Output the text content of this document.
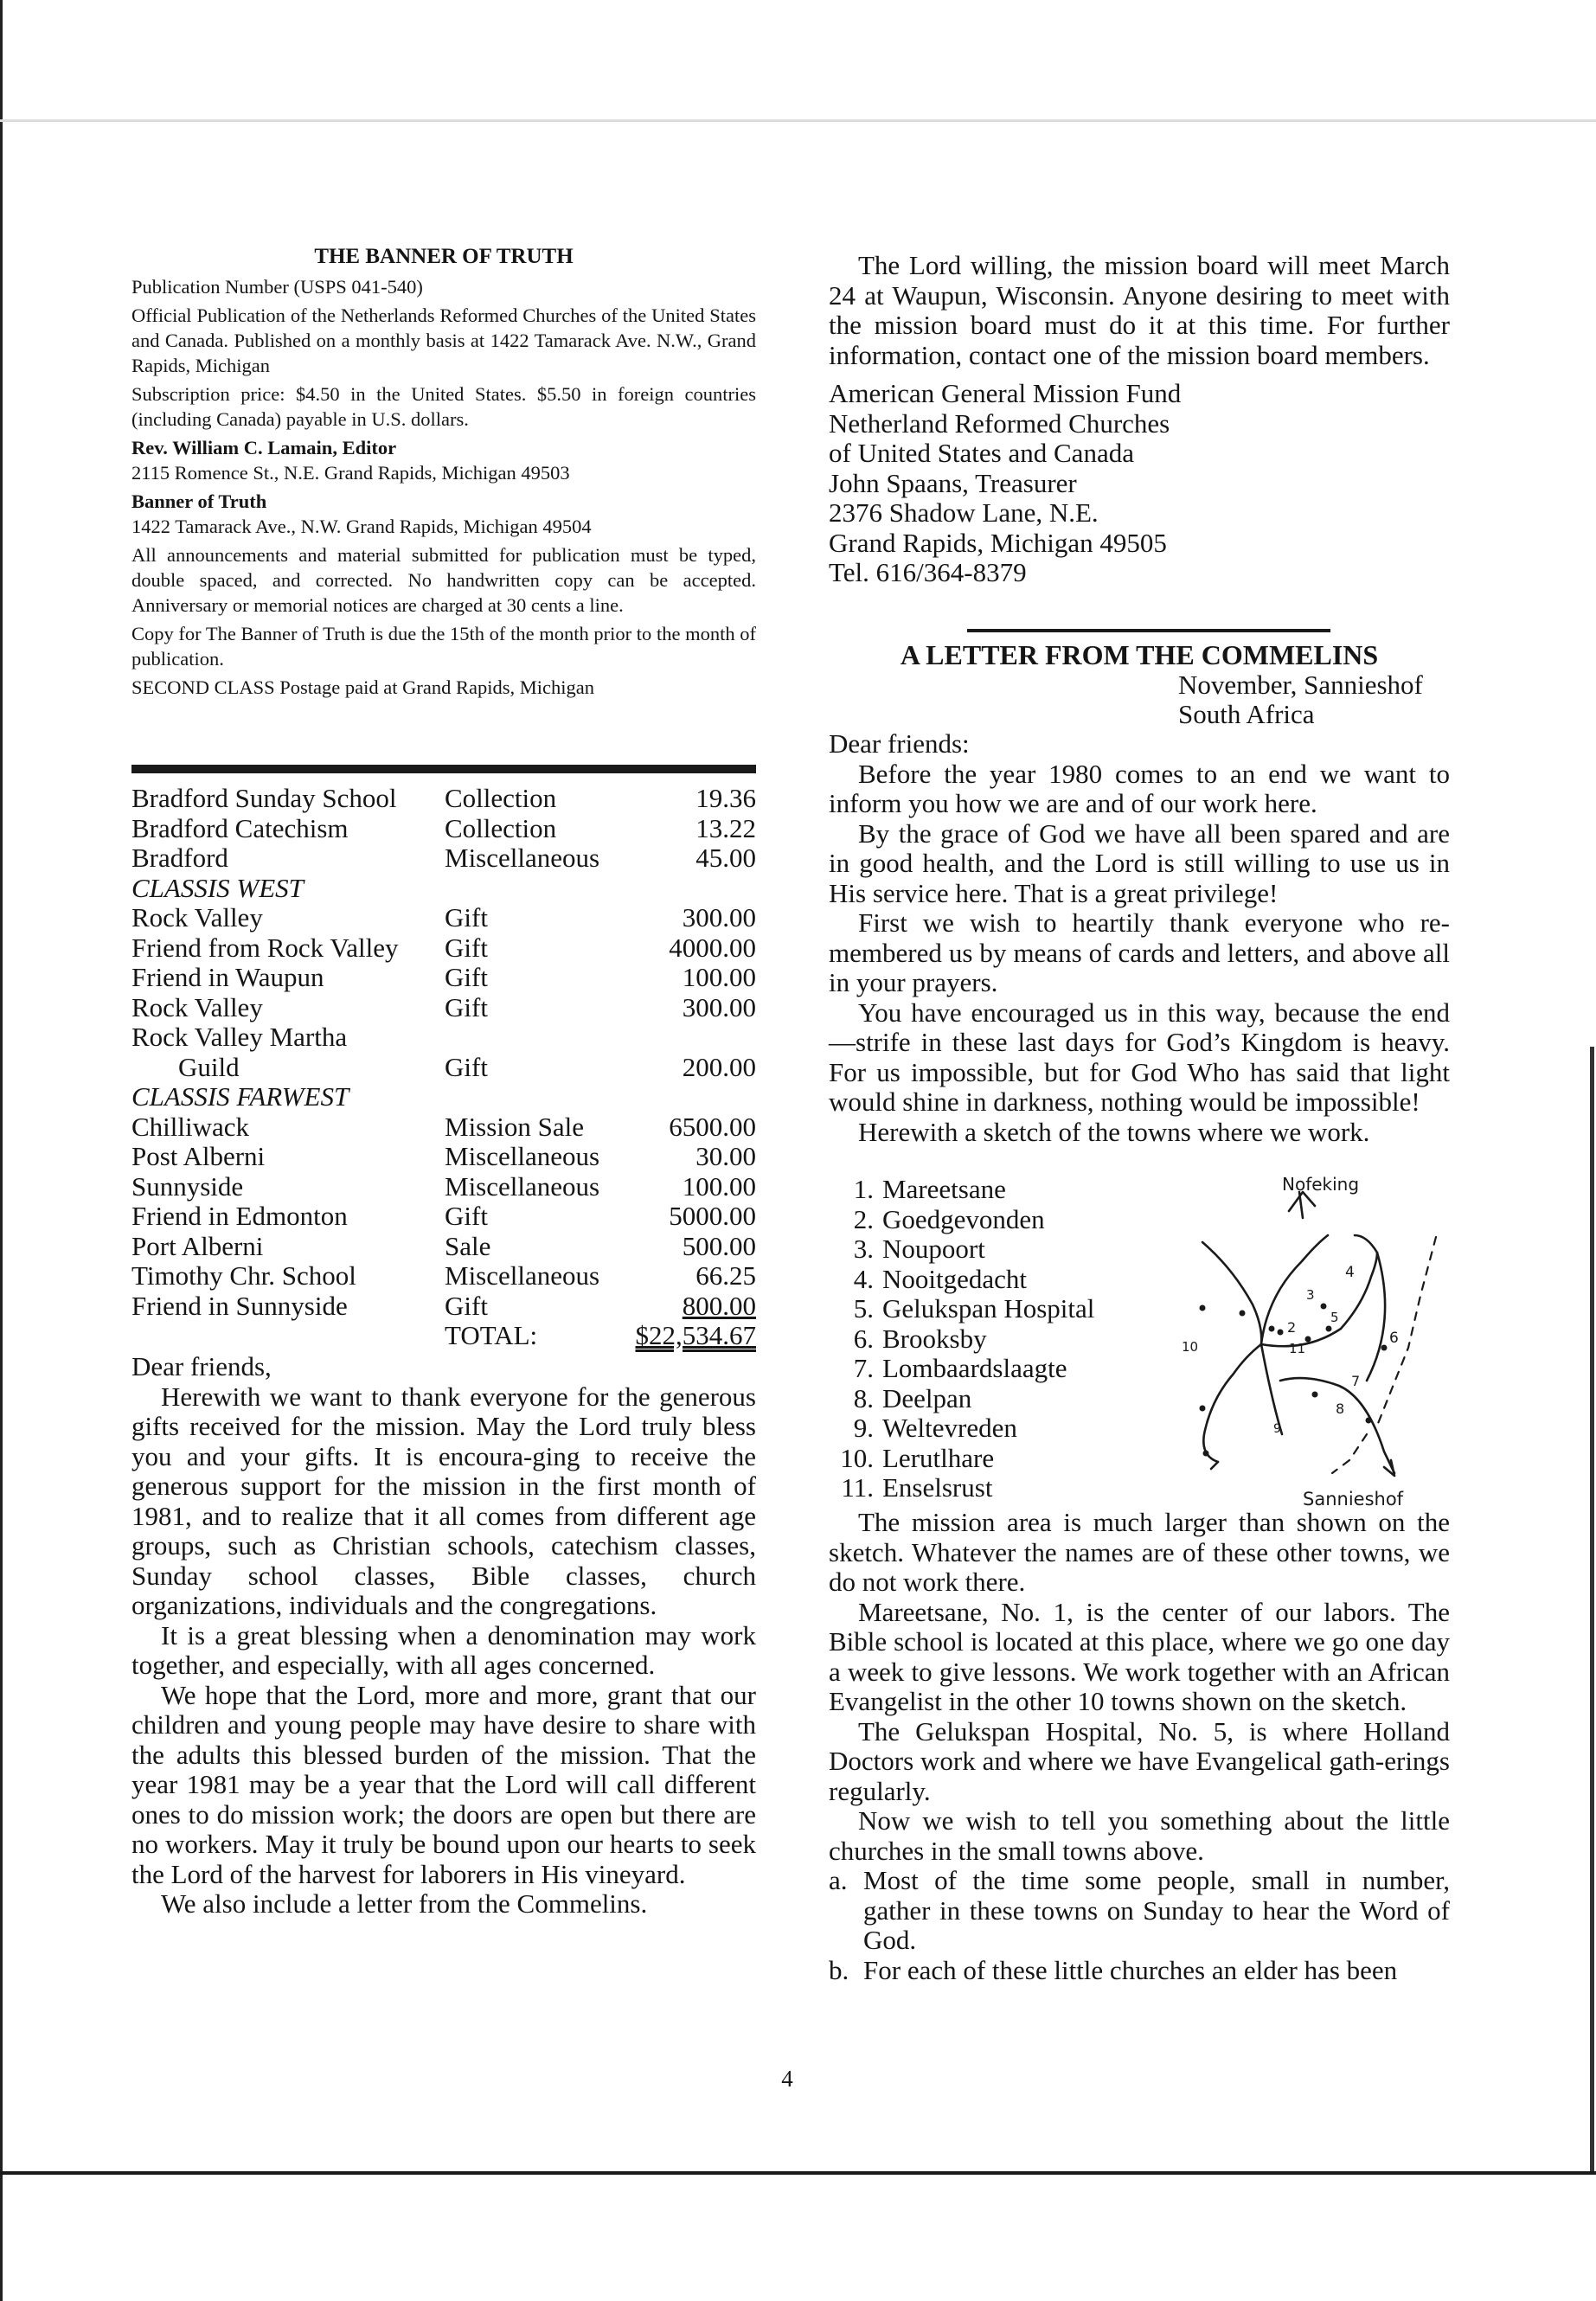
THE BANNER OF TRUTH

Publication Number (USPS 041-540)

Official Publication of the Netherlands Reformed Churches of the United States and Canada. Published on a monthly basis at 1422 Tamarack Ave. N.W., Grand Rapids, Michigan

Subscription price: $4.50 in the United States. $5.50 in foreign countries (including Canada) payable in U.S. dollars.

Rev. William C. Lamain, Editor

2115 Romence St., N.E. Grand Rapids, Michigan 49503

Banner of Truth

1422 Tamarack Ave., N.W. Grand Rapids, Michigan 49504

All announcements and material submitted for publication must be typed, double spaced, and corrected. No handwritten copy can be accepted. Anniversary or memorial notices are charged at 30 cents a line.

Copy for The Banner of Truth is due the 15th of the month prior to the month of publication.

SECOND CLASS Postage paid at Grand Rapids, Michigan

Bradford Sunday School	Collection	19.36
Bradford Catechism	Collection	13.22
Bradford	Miscellaneous	45.00
CLASSIS WEST		
Rock Valley	Gift	300.00
Friend from Rock Valley	Gift	4000.00
Friend in Waupun	Gift	100.00
Rock Valley	Gift	300.00
Rock Valley Martha		
Guild	Gift	200.00
CLASSIS FARWEST		
Chilliwack	Mission Sale	6500.00
Post Alberni	Miscellaneous	30.00
Sunnyside	Miscellaneous	100.00
Friend in Edmonton	Gift	5000.00
Port Alberni	Sale	500.00
Timothy Chr. School	Miscellaneous	66.25
Friend in Sunnyside	Gift	800.00
	TOTAL:	$22,534.67

Dear friends,

Herewith we want to thank everyone for the generous gifts received for the mission. May the Lord truly bless you and your gifts. It is encoura-ging to receive the generous support for the mission in the first month of 1981, and to realize that it all comes from different age groups, such as Christian schools, catechism classes, Sunday school classes, Bible classes, church organizations, individuals and the congregations.

It is a great blessing when a denomination may work together, and especially, with all ages concerned.

We hope that the Lord, more and more, grant that our children and young people may have desire to share with the adults this blessed burden of the mission. That the year 1981 may be a year that the Lord will call different ones to do mission work; the doors are open but there are no workers. May it truly be bound upon our hearts to seek the Lord of the harvest for laborers in His vineyard.

We also include a letter from the Commelins.

The Lord willing, the mission board will meet March 24 at Waupun, Wisconsin. Anyone desiring to meet with the mission board must do it at this time. For further information, contact one of the mission board members.

American General Mission Fund
Netherland Reformed Churches
of United States and Canada
John Spaans, Treasurer
2376 Shadow Lane, N.E.
Grand Rapids, Michigan 49505
Tel. 616/364-8379
A LETTER FROM THE COMMELINS
November, Sannieshof
South Africa

Dear friends:

Before the year 1980 comes to an end we want to inform you how we are and of our work here.

By the grace of God we have all been spared and are in good health, and the Lord is still willing to use us in His service here. That is a great privilege!

First we wish to heartily thank everyone who re-membered us by means of cards and letters, and above all in your prayers.

You have encouraged us in this way, because the end—strife in these last days for God’s Kingdom is heavy. For us impossible, but for God Who has said that light would shine in darkness, nothing would be impossible!

Herewith a sketch of the towns where we work.

1. Mareetsane
2. Goedgevonden
3. Noupoort
4. Nooitgedacht
5. Gelukspan Hospital
6. Brooksby
7. Lombaardslaagte
8. Deelpan
9. Weltevreden
10. Lerutlhare
11. Enselsrust
Nofeking
3
4
2
5
6
10	11
7
8
9
Sannieshof

The mission area is much larger than shown on the sketch. Whatever the names are of these other towns, we do not work there.

Mareetsane, No. 1, is the center of our labors. The Bible school is located at this place, where we go one day a week to give lessons. We work together with an African Evangelist in the other 10 towns shown on the sketch.

The Gelukspan Hospital, No. 5, is where Holland Doctors work and where we have Evangelical gath-erings regularly.

Now we wish to tell you something about the little churches in the small towns above.

a. Most of the time some people, small in number, gather in these towns on Sunday to hear the Word of God.
b. For each of these little churches an elder has been
4
